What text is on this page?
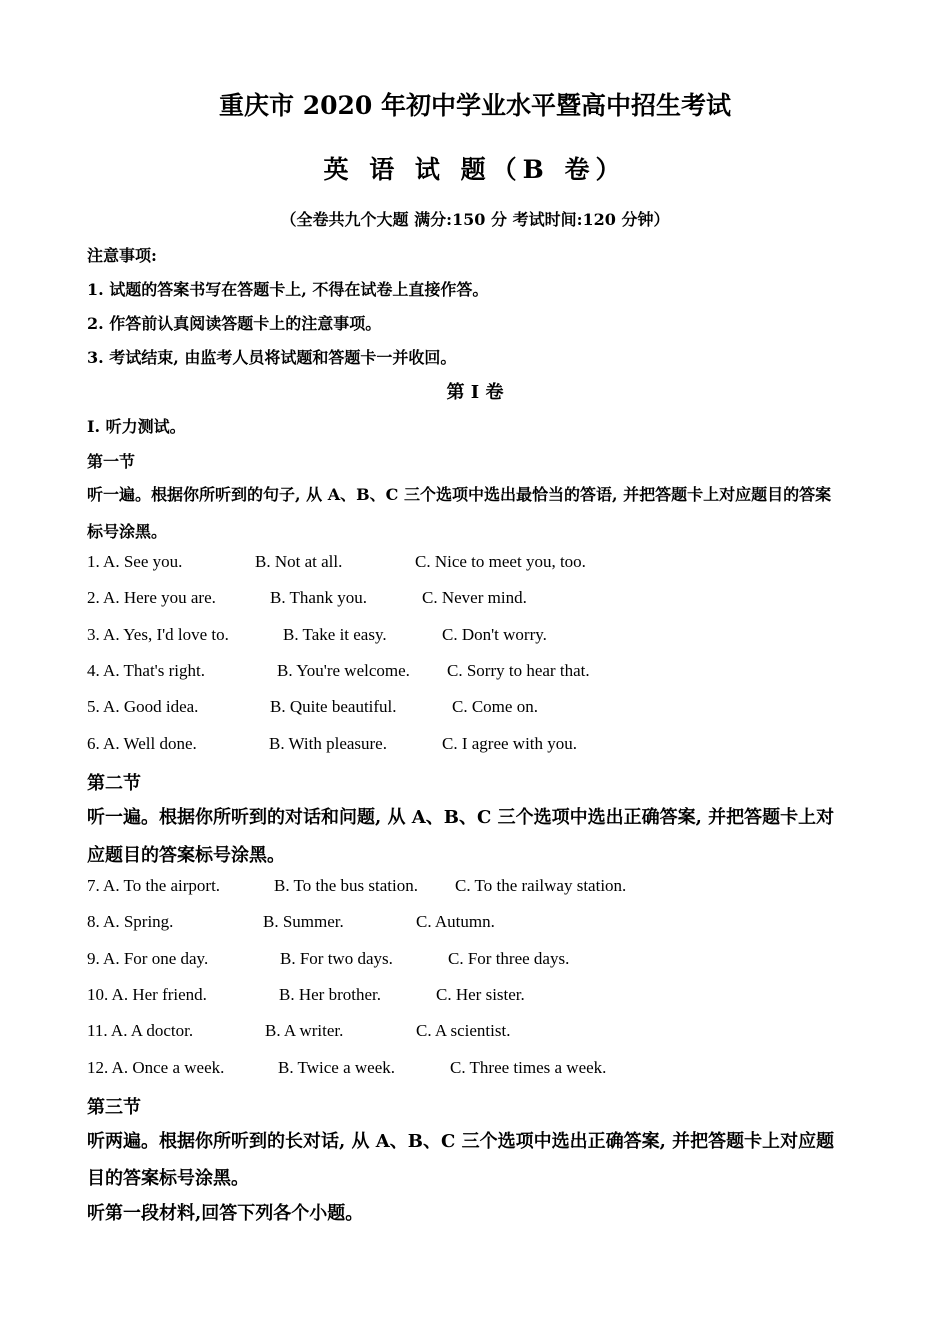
重庆市 2020 年初中学业水平暨高中招生考试
英 语 试 题（B 卷）
（全卷共九个大题 满分:150 分 考试时间:120 分钟）
注意事项:
1. 试题的答案书写在答题卡上, 不得在试卷上直接作答。
2. 作答前认真阅读答题卡上的注意事项。
3. 考试结束, 由监考人员将试题和答题卡一并收回。
第 I 卷
I. 听力测试。
第一节
听一遍。根据你所听到的句子, 从 A、B、C 三个选项中选出最恰当的答语, 并把答题卡上对应题目的答案
标号涂黑。
1. A. See you.	B. Not at all.	C. Nice to meet you, too.
2. A. Here you are.	B. Thank you.	C. Never mind.
3. A. Yes, I'd love to.	B. Take it easy.	C. Don't worry.
4. A. That's right.	B. You're welcome. C. Sorry to hear that.
5. A. Good idea.	B. Quite beautiful.	C. Come on.
6. A. Well done.	B. With pleasure.	C. I agree with you.
第二节
听一遍。根据你所听到的对话和问题, 从 A、B、C 三个选项中选出正确答案, 并把答题卡上对
应题目的答案标号涂黑。
7. A. To the airport.	B. To the bus station. C. To the railway station.
8. A. Spring.	B. Summer.	C. Autumn.
9. A. For one day.	B. For two days.	C. For three days.
10. A. Her friend.	B. Her brother.	C. Her sister.
11. A. A doctor.	B. A writer.	C. A scientist.
12. A. Once a week.	B. Twice a week.	C. Three times a week.
第三节
听两遍。根据你所听到的长对话, 从 A、B、C 三个选项中选出正确答案, 并把答题卡上对应题
目的答案标号涂黑。
听第一段材料,回答下列各个小题。
